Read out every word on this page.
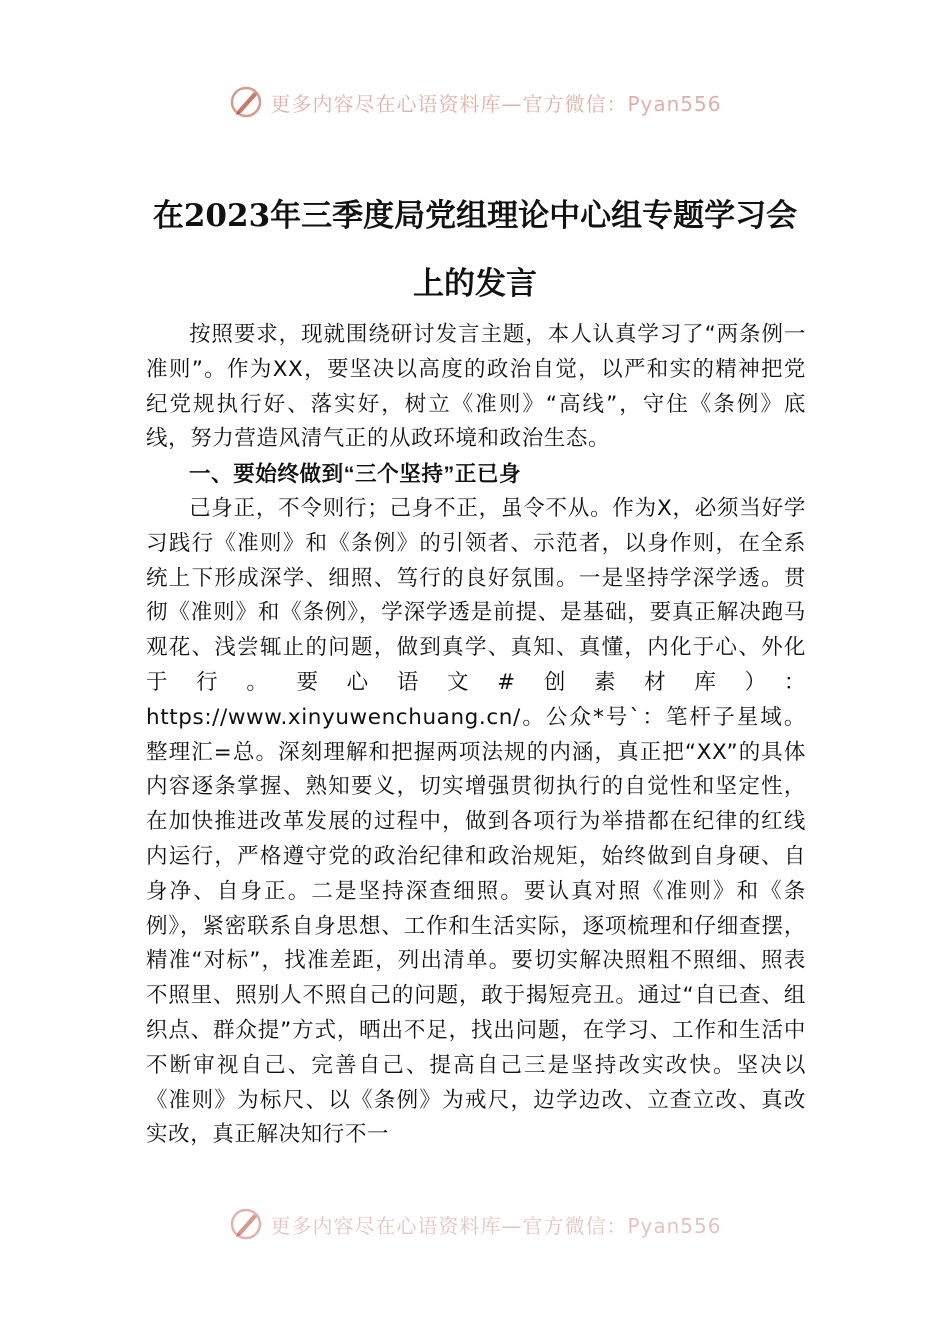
更多内容尽在心语资料库—官方微信：Pyan556
在2023年三季度局党组理论中心组专题学习会上的发言

按照要求，现就围绕研讨发言主题，本人认真学习了“两条例一准则”。作为XX，要坚决以高度的政治自觉，以严和实的精神把党纪党规执行好、落实好，树立《准则》“高线”，守住《条例》底线，努力营造风清气正的从政环境和政治生态。

一、要始终做到“三个坚持”正已身

己身正，不令则行；己身不正，虽令不从。作为X，必须当好学习践行《准则》和《条例》的引领者、示范者，以身作则，在全系统上下形成深学、细照、笃行的良好氛围。一是坚持学深学透。贯彻《准则》和《条例》，学深学透是前提、是基础，要真正解决跑马观花、浅尝辄止的问题，做到真学、真知、真懂，内化于心、外化于行。要心语文#创素材库）：https://www.xinyuwenchuang.cn/。公众*号`：笔杆子星域。整理汇=总。深刻理解和把握两项法规的内涵，真正把“XX”的具体内容逐条掌握、熟知要义，切实增强贯彻执行的自觉性和坚定性，在加快推进改革发展的过程中，做到各项行为举措都在纪律的红线内运行，严格遵守党的政治纪律和政治规矩，始终做到自身硬、自身净、自身正。二是坚持深查细照。要认真对照《准则》和《条例》，紧密联系自身思想、工作和生活实际，逐项梳理和仔细查摆，精准“对标”，找准差距，列出清单。要切实解决照粗不照细、照表不照里、照别人不照自己的问题，敢于揭短亮丑。通过“自已查、组织点、群众提”方式，晒出不足，找出问题，在学习、工作和生活中不断审视自己、完善自己、提高自己三是坚持改实改快。坚决以《准则》为标尺、以《条例》为戒尺，边学边改、立查立改、真改实改，真正解决知行不一

更多内容尽在心语资料库—官方微信：Pyan556
